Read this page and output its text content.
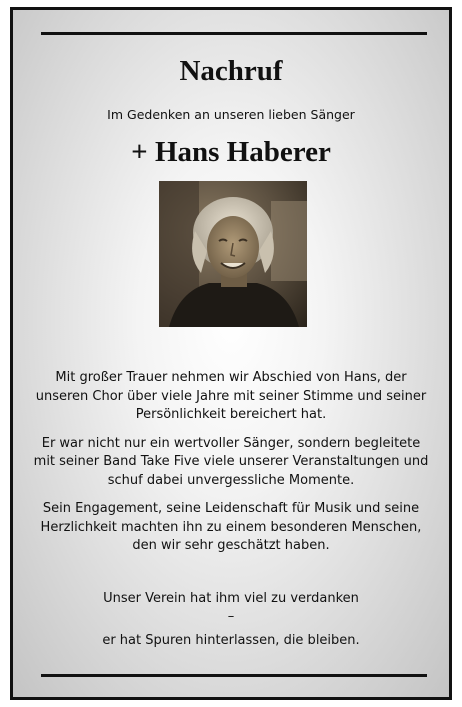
Nachruf
Im Gedenken an unseren lieben Sänger
+ Hans Haberer

Mit großer Trauer nehmen wir Abschied von Hans, der unseren Chor über viele Jahre mit seiner Stimme und seiner Persönlichkeit bereichert hat.

Er war nicht nur ein wertvoller Sänger, sondern begleitete mit seiner Band Take Five viele unserer Veranstaltungen und schuf dabei unvergessliche Momente.

Sein Engagement, seine Leidenschaft für Musik und seine Herzlichkeit machten ihn zu einem besonderen Menschen, den wir sehr geschätzt haben.

Unser Verein hat ihm viel zu verdanken
–
er hat Spuren hinterlassen, die bleiben.
